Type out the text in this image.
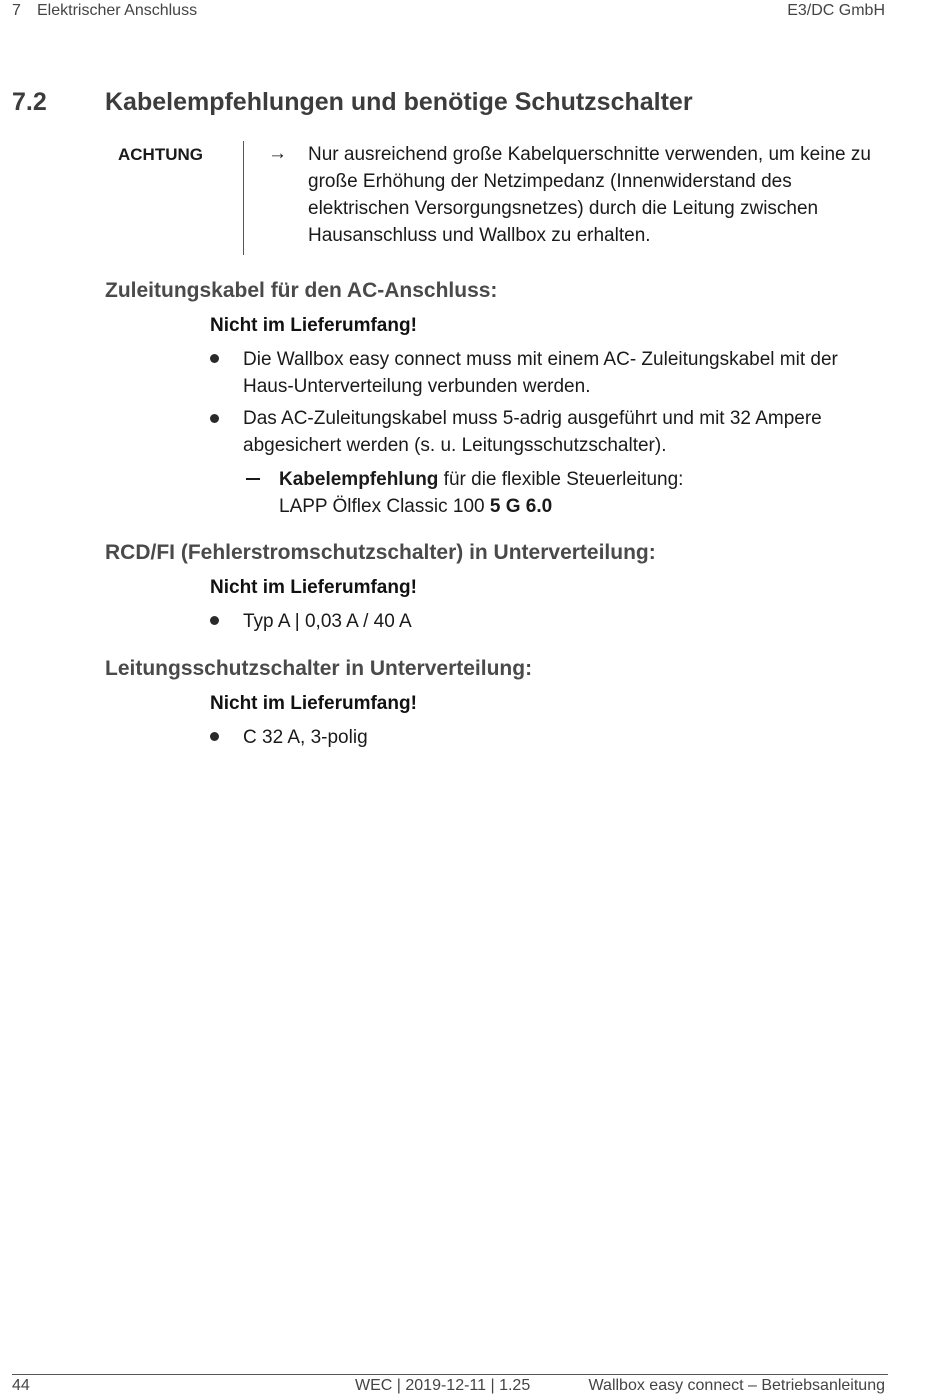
7 Elektrischer Anschluss	E3/DC GmbH
7.2 Kabelempfehlungen und benötige Schutzschalter
ACHTUNG	→ Nur ausreichend große Kabelquerschnitte verwenden, um keine zu große Erhöhung der Netzimpedanz (Innenwiderstand des elektrischen Versorgungsnetzes) durch die Leitung zwischen Hausanschluss und Wallbox zu erhalten.
Zuleitungskabel für den AC-Anschluss:
Nicht im Lieferumfang!
Die Wallbox easy connect muss mit einem AC- Zuleitungskabel mit der Haus-Unterverteilung verbunden werden.
Das AC-Zuleitungskabel muss 5-adrig ausgeführt und mit 32 Ampere abgesichert werden (s. u. Leitungsschutzschalter).
Kabelempfehlung für die flexible Steuerleitung:
LAPP Ölflex Classic 100 5 G 6.0
RCD/FI (Fehlerstromschutzschalter) in Unterverteilung:
Nicht im Lieferumfang!
Typ A | 0,03 A / 40 A
Leitungsschutzschalter in Unterverteilung:
Nicht im Lieferumfang!
C 32 A, 3-polig
44	WEC | 2019-12-11 | 1.25	Wallbox easy connect – Betriebsanleitung
